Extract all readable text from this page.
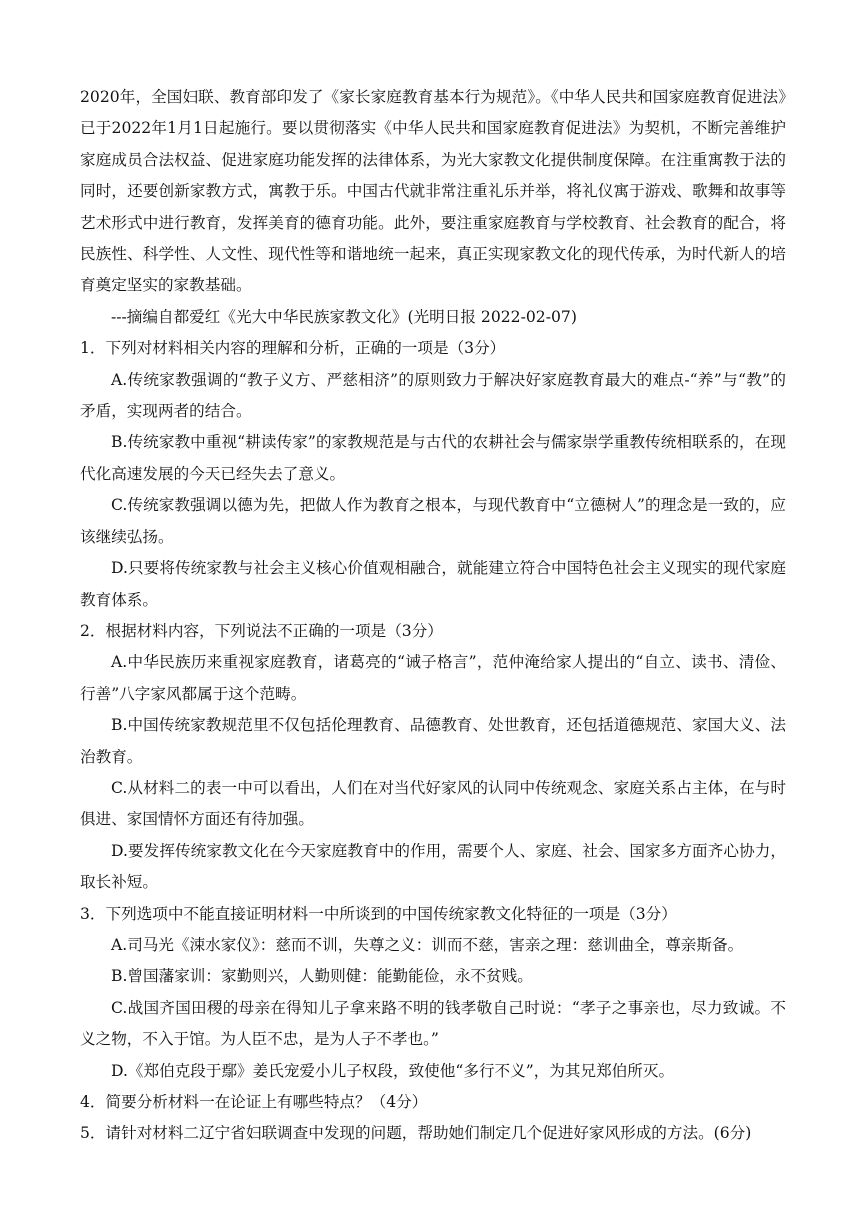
2020年，全国妇联、教育部印发了《家长家庭教育基本行为规范》。《中华人民共和国家庭教育促进法》已于2022年1月1日起施行。要以贯彻落实《中华人民共和国家庭教育促进法》为契机，不断完善维护家庭成员合法权益、促进家庭功能发挥的法律体系，为光大家教文化提供制度保障。在注重寓教于法的同时，还要创新家教方式，寓教于乐。中国古代就非常注重礼乐并举，将礼仪寓于游戏、歌舞和故事等艺术形式中进行教育，发挥美育的德育功能。此外，要注重家庭教育与学校教育、社会教育的配合，将民族性、科学性、人文性、现代性等和谐地统一起来，真正实现家教文化的现代传承，为时代新人的培育奠定坚实的家教基础。

---摘编自都爱红《光大中华民族家教文化》(光明日报 2022-02-07)

1．下列对材料相关内容的理解和分析，正确的一项是（3分）

A.传统家教强调的“教子义方、严慈相济”的原则致力于解决好家庭教育最大的难点-“养”与“教”的矛盾，实现两者的结合。

B.传统家教中重视“耕读传家”的家教规范是与古代的农耕社会与儒家崇学重教传统相联系的，在现代化高速发展的今天已经失去了意义。

C.传统家教强调以德为先，把做人作为教育之根本，与现代教育中“立德树人”的理念是一致的，应该继续弘扬。

D.只要将传统家教与社会主义核心价值观相融合，就能建立符合中国特色社会主义现实的现代家庭教育体系。

2．根据材料内容，下列说法不正确的一项是（3分）

A.中华民族历来重视家庭教育，诸葛亮的“诫子格言”，范仲淹给家人提出的“自立、读书、清俭、行善”八字家风都属于这个范畴。

B.中国传统家教规范里不仅包括伦理教育、品德教育、处世教育，还包括道德规范、家国大义、法治教育。

C.从材料二的表一中可以看出，人们在对当代好家风的认同中传统观念、家庭关系占主体，在与时俱进、家国情怀方面还有待加强。

D.要发挥传统家教文化在今天家庭教育中的作用，需要个人、家庭、社会、国家多方面齐心协力，取长补短。

3．下列选项中不能直接证明材料一中所谈到的中国传统家教文化特征的一项是（3分）

A.司马光《涑水家仪》：慈而不训，失尊之义：训而不慈，害亲之理：慈训曲全，尊亲斯备。

B.曾国藩家训：家勤则兴，人勤则健：能勤能俭，永不贫贱。

C.战国齐国田稷的母亲在得知儿子拿来路不明的钱孝敬自己时说：“孝子之事亲也，尽力致诚。不义之物，不入于馆。为人臣不忠，是为人子不孝也。”

D.《郑伯克段于鄢》姜氏宠爱小儿子权段，致使他“多行不义”，为其兄郑伯所灭。

4．简要分析材料一在论证上有哪些特点？（4分）

5．请针对材料二辽宁省妇联调查中发现的问题，帮助她们制定几个促进好家风形成的方法。(6分)
